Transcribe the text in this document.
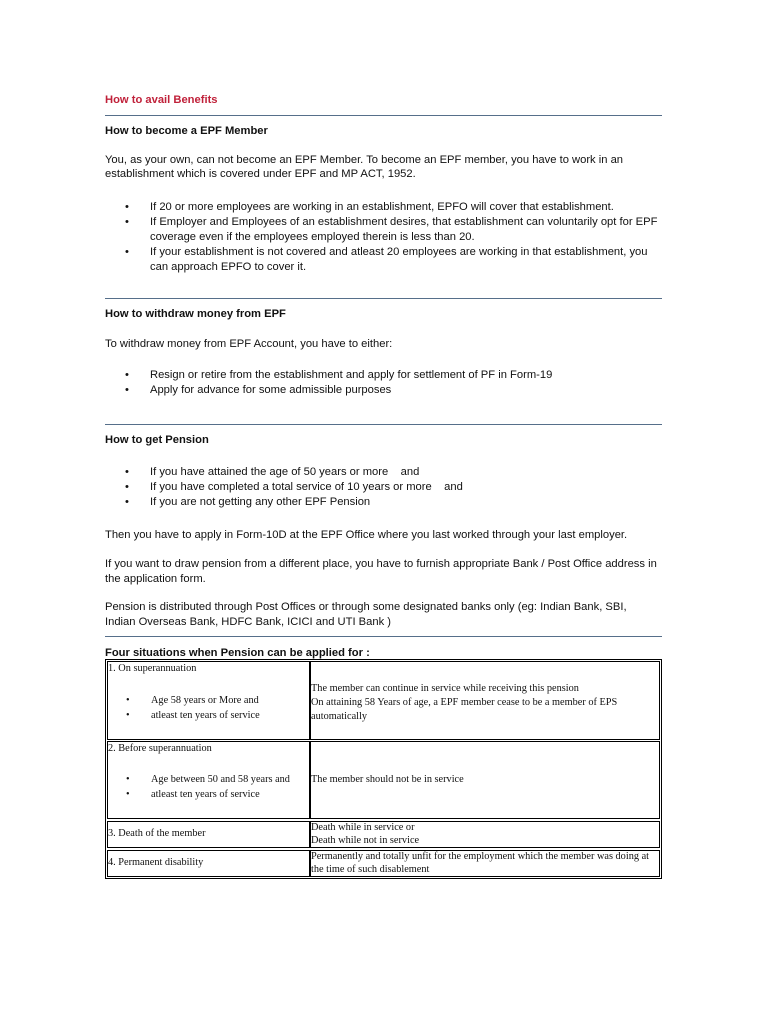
How to avail Benefits
How to become a EPF Member
You, as your own, can not become an EPF Member. To become an EPF member, you have to work in an
establishment which is covered under EPF and MP ACT, 1952.
• If 20 or more employees are working in an establishment, EPFO will cover that establishment.
• If Employer and Employees of an establishment desires, that establishment can voluntarily opt for EPF
coverage even if the employees employed therein is less than 20.
• If your establishment is not covered and atleast 20 employees are working in that establishment, you
can approach EPFO to cover it.
How to withdraw money from EPF
To withdraw money from EPF Account, you have to either:
• Resign or retire from the establishment and apply for settlement of PF in Form-19
• Apply for advance for some admissible purposes
How to get Pension
• If you have attained the age of 50 years or more    and
• If you have completed a total service of 10 years or more    and
• If you are not getting any other EPF Pension
Then you have to apply in Form-10D at the EPF Office where you last worked through your last employer.
If you want to draw pension from a different place, you have to furnish appropriate Bank / Post Office address in
the application form.
Pension is distributed through Post Offices or through some designated banks only (eg: Indian Bank, SBI,
Indian Overseas Bank, HDFC Bank, ICICI and UTI Bank )
Four situations when Pension can be applied for :
1. On superannuation
• Age 58 years or More and
• atleast ten years of service
The member can continue in service while receiving this pension
On attaining 58 Years of age, a EPF member cease to be a member of EPS
automatically
2. Before superannuation
• Age between 50 and 58 years and
• atleast ten years of service
The member should not be in service
3. Death of the member
Death while in service or
Death while not in service
4. Permanent disability
Permanently and totally unfit for the employment which the member was doing at
the time of such disablement
